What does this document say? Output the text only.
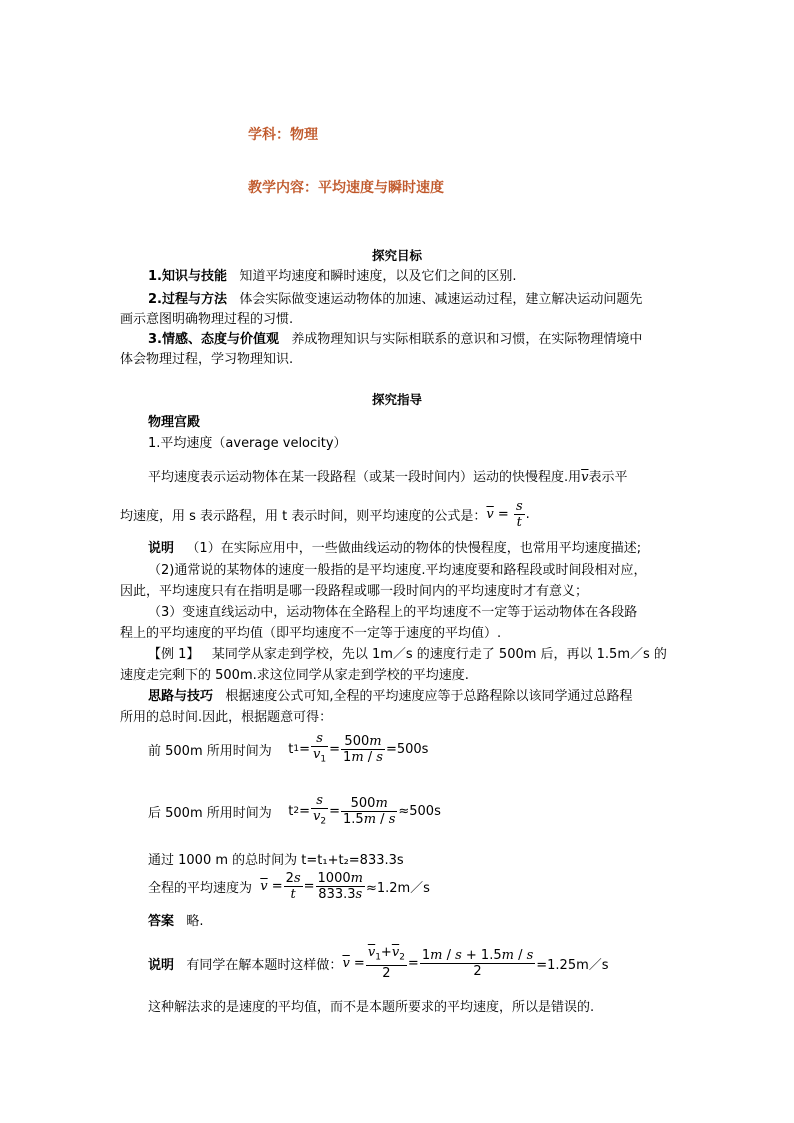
学科：物理
教学内容：平均速度与瞬时速度
探究目标
1.知识与技能 知道平均速度和瞬时速度，以及它们之间的区别.
2.过程与方法 体会实际做变速运动物体的加速、减速运动过程，建立解决运动问题先
画示意图明确物理过程的习惯.
3.情感、态度与价值观 养成物理知识与实际相联系的意识和习惯，在实际物理情境中
体会物理过程，学习物理知识.
探究指导
物理宫殿
1.平均速度（average velocity）
平均速度表示运动物体在某一段路程（或某一段时间内）运动的快慢程度.用$\overline{v}$表示平
均速度，用 s 表示路程，用 t 表示时间，则平均速度的公式是： $\overline{v}$ =
s
t
.
说明 （1）在实际应用中，一些做曲线运动的物体的快慢程度，也常用平均速度描述;
（2)通常说的某物体的速度一般指的是平均速度.平均速度要和路程段或时间段相对应，
因此，平均速度只有在指明是哪一段路程或哪一段时间内的平均速度时才有意义；
（3）变速直线运动中，运动物体在全路程上的平均速度不一定等于运动物体在各段路
程上的平均速度的平均值（即平均速度不一定等于速度的平均值）.
【例 1】 某同学从家走到学校，先以 1m／s 的速度行走了 500m 后，再以 1.5m／s 的
速度走完剩下的 500m.求这位同学从家走到学校的平均速度.
思路与技巧 根据速度公式可知,全程的平均速度应等于总路程除以该同学通过总路程
所用的总时间.因此，根据题意可得：
前 500m 所用时间为 t 1 =
s
$v_1$
= $\frac{500m}{1m / s} =500s$
后 500m 所用时间为 t 2 =
s
$v_2$
= $\frac{500m}{1.5m / s} \approx 500s$
通过 1000 m 的总时间为 t=t₁+t₂=833.3s
全程的平均速度为
$\overline{v}$ =
2s
t
= $\frac{1000m}{833.3s}$ ≈1.2m／s
答案 略.
说明
有同学在解本题时这样做： $\overline{v}$ =
$\overline{v}_1+\overline{v}_2$
2
= $\frac{1m / s + 1.5m / s}{2}$ =1.25m／s
这种解法求的是速度的平均值，而不是本题所要求的平均速度，所以是错误的.
